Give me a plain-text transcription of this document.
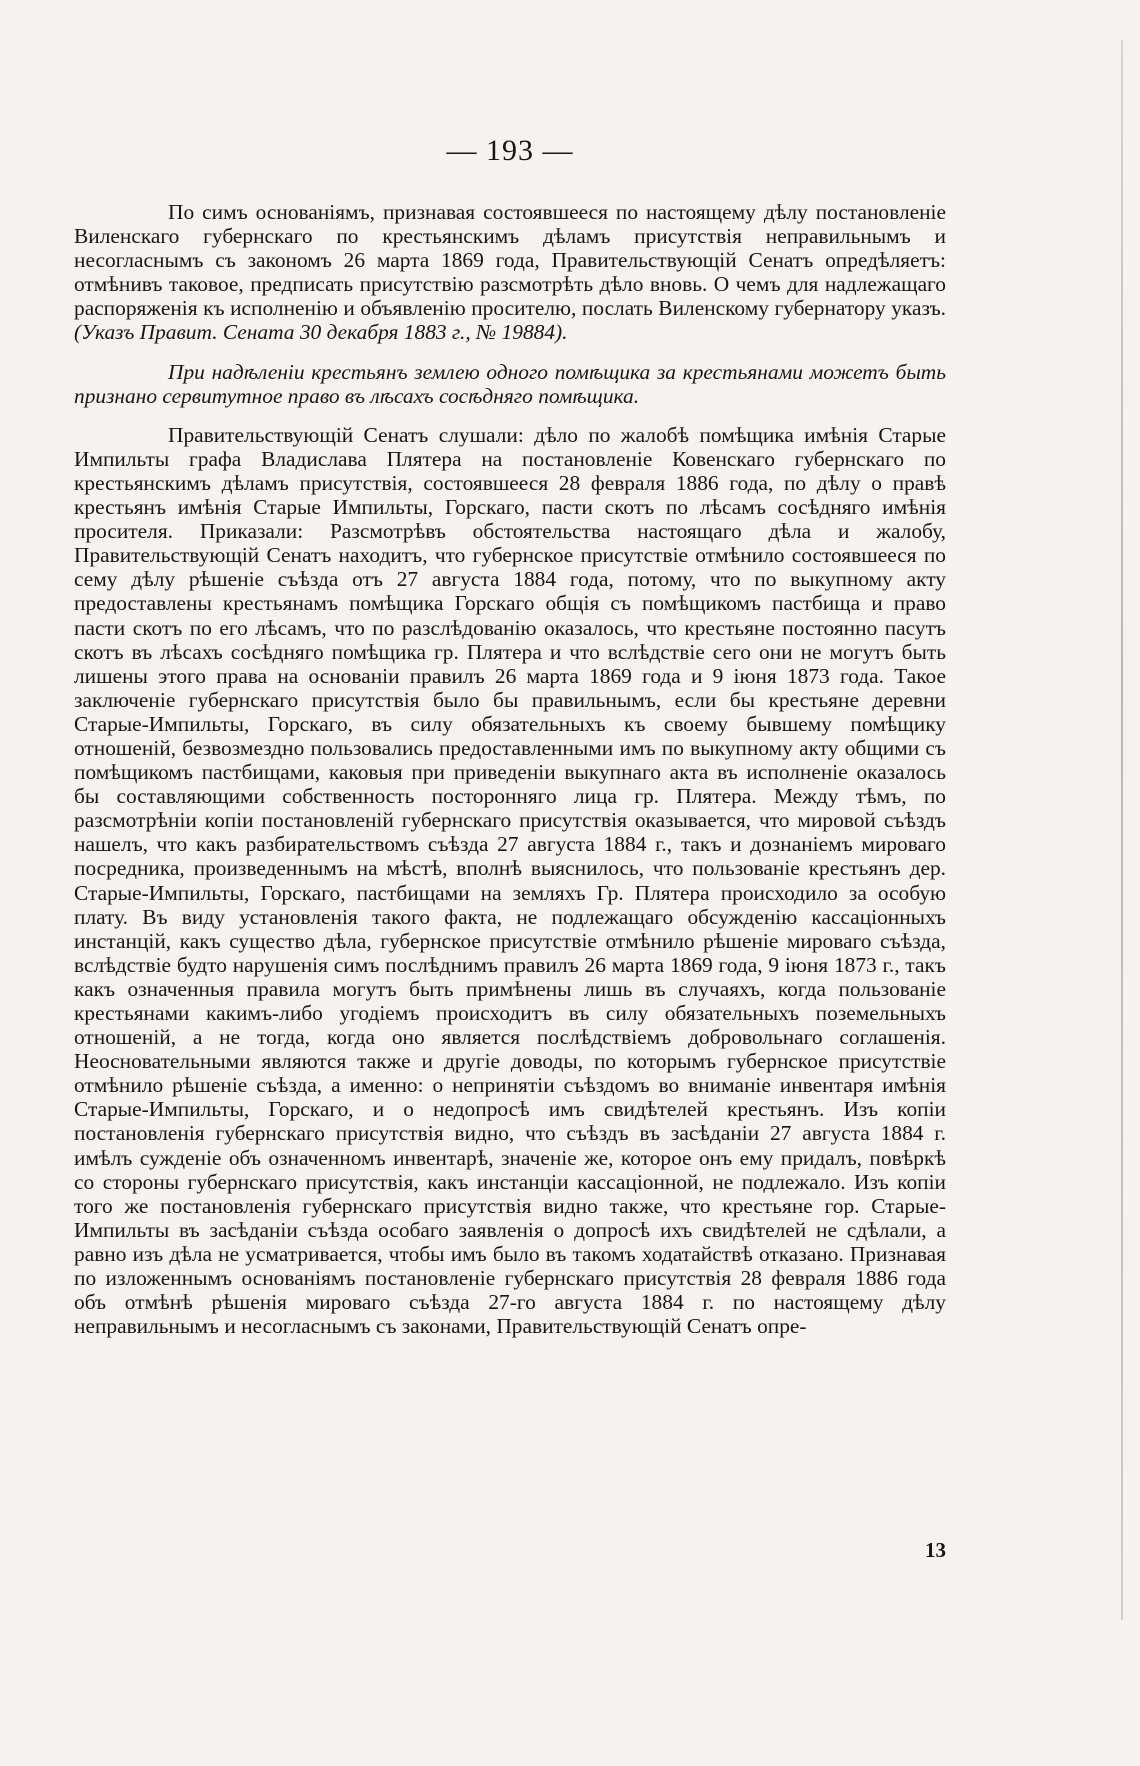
— 193 —

По симъ основаніямъ, признавая состоявшееся по настоящему дѣлу постановленіе Виленскаго губернскаго по крестьянскимъ дѣламъ присутствія неправильнымъ и несогласнымъ съ закономъ 26 марта 1869 года, Правительствующій Сенатъ опредѣляетъ: отмѣнивъ таковое, предписать присутствію разсмотрѣть дѣло вновь. О чемъ для надлежащаго распоряженія къ исполненію и объявленію просителю, послать Виленскому губернатору указъ. (Указъ Правит. Сената 30 декабря 1883 г., № 19884).

При надѣленіи крестьянъ землею одного помѣщика за крестьянами можетъ быть признано сервитутное право въ лѣсахъ сосѣдняго помѣщика.

Правительствующій Сенатъ слушали: дѣло по жалобѣ помѣщика имѣнія Старые Импильты графа Владислава Плятера на постановленіе Ковенскаго губернскаго по крестьянскимъ дѣламъ присутствія, состоявшееся 28 февраля 1886 года, по дѣлу о правѣ крестьянъ имѣнія Старые Импильты, Горскаго, пасти скотъ по лѣсамъ сосѣдняго имѣнія просителя. Приказали: Разсмотрѣвъ обстоятельства настоящаго дѣла и жалобу, Правительствующій Сенатъ находитъ, что губернское присутствіе отмѣнило состоявшееся по сему дѣлу рѣшеніе съѣзда отъ 27 августа 1884 года, потому, что по выкупному акту предоставлены крестьянамъ помѣщика Горскаго общія съ помѣщикомъ пастбища и право пасти скотъ по его лѣсамъ, что по разслѣдованію оказалось, что крестьяне постоянно пасутъ скотъ въ лѣсахъ сосѣдняго помѣщика гр. Плятера и что вслѣдствіе сего они не могутъ быть лишены этого права на основаніи правилъ 26 марта 1869 года и 9 іюня 1873 года. Такое заключеніе губернскаго присутствія было бы правильнымъ, если бы крестьяне деревни Старые-Импильты, Горскаго, въ силу обязательныхъ къ своему бывшему помѣщику отношеній, безвозмездно пользовались предоставленными имъ по выкупному акту общими съ помѣщикомъ пастбищами, каковыя при приведеніи выкупнаго акта въ исполненіе оказалось бы составляющими собственность посторонняго лица гр. Плятера. Между тѣмъ, по разсмотрѣніи копіи постановленій губернскаго присутствія оказывается, что мировой съѣздъ нашелъ, что какъ разбирательствомъ съѣзда 27 августа 1884 г., такъ и дознаніемъ мироваго посредника, произведеннымъ на мѣстѣ, вполнѣ выяснилось, что пользованіе крестьянъ дер. Старые-Импильты, Горскаго, пастбищами на земляхъ Гр. Плятера происходило за особую плату. Въ виду установленія такого факта, не подлежащаго обсужденію кассаціонныхъ инстанцій, какъ существо дѣла, губернское присутствіе отмѣнило рѣшеніе мироваго съѣзда, вслѣдствіе будто нарушенія симъ послѣднимъ правилъ 26 марта 1869 года, 9 іюня 1873 г., такъ какъ означенныя правила могутъ быть примѣнены лишь въ случаяхъ, когда пользованіе крестьянами какимъ-либо угодіемъ происходитъ въ силу обязательныхъ поземельныхъ отношеній, а не тогда, когда оно является послѣдствіемъ добровольнаго соглашенія. Неосновательными являются также и другіе доводы, по которымъ губернское присутствіе отмѣнило рѣшеніе съѣзда, а именно: о непринятіи съѣздомъ во вниманіе инвентаря имѣнія Старые-Импильты, Горскаго, и о недопросѣ имъ свидѣтелей крестьянъ. Изъ копіи постановленія губернскаго присутствія видно, что съѣздъ въ засѣданіи 27 августа 1884 г. имѣлъ сужденіе объ означенномъ инвентарѣ, значеніе же, которое онъ ему придалъ, повѣркѣ со стороны губернскаго присутствія, какъ инстанціи кассаціонной, не подлежало. Изъ копіи того же постановленія губернскаго присутствія видно также, что крестьяне гор. Старые-Импильты въ засѣданіи съѣзда особаго заявленія о допросѣ ихъ свидѣтелей не сдѣлали, а равно изъ дѣла не усматривается, чтобы имъ было въ такомъ ходатайствѣ отказано. Признавая по изложеннымъ основаніямъ постановленіе губернскаго присутствія 28 февраля 1886 года объ отмѣнѣ рѣшенія мироваго съѣзда 27-го августа 1884 г. по настоящему дѣлу неправильнымъ и несогласнымъ съ законами, Правительствующій Сенатъ опре-

13
